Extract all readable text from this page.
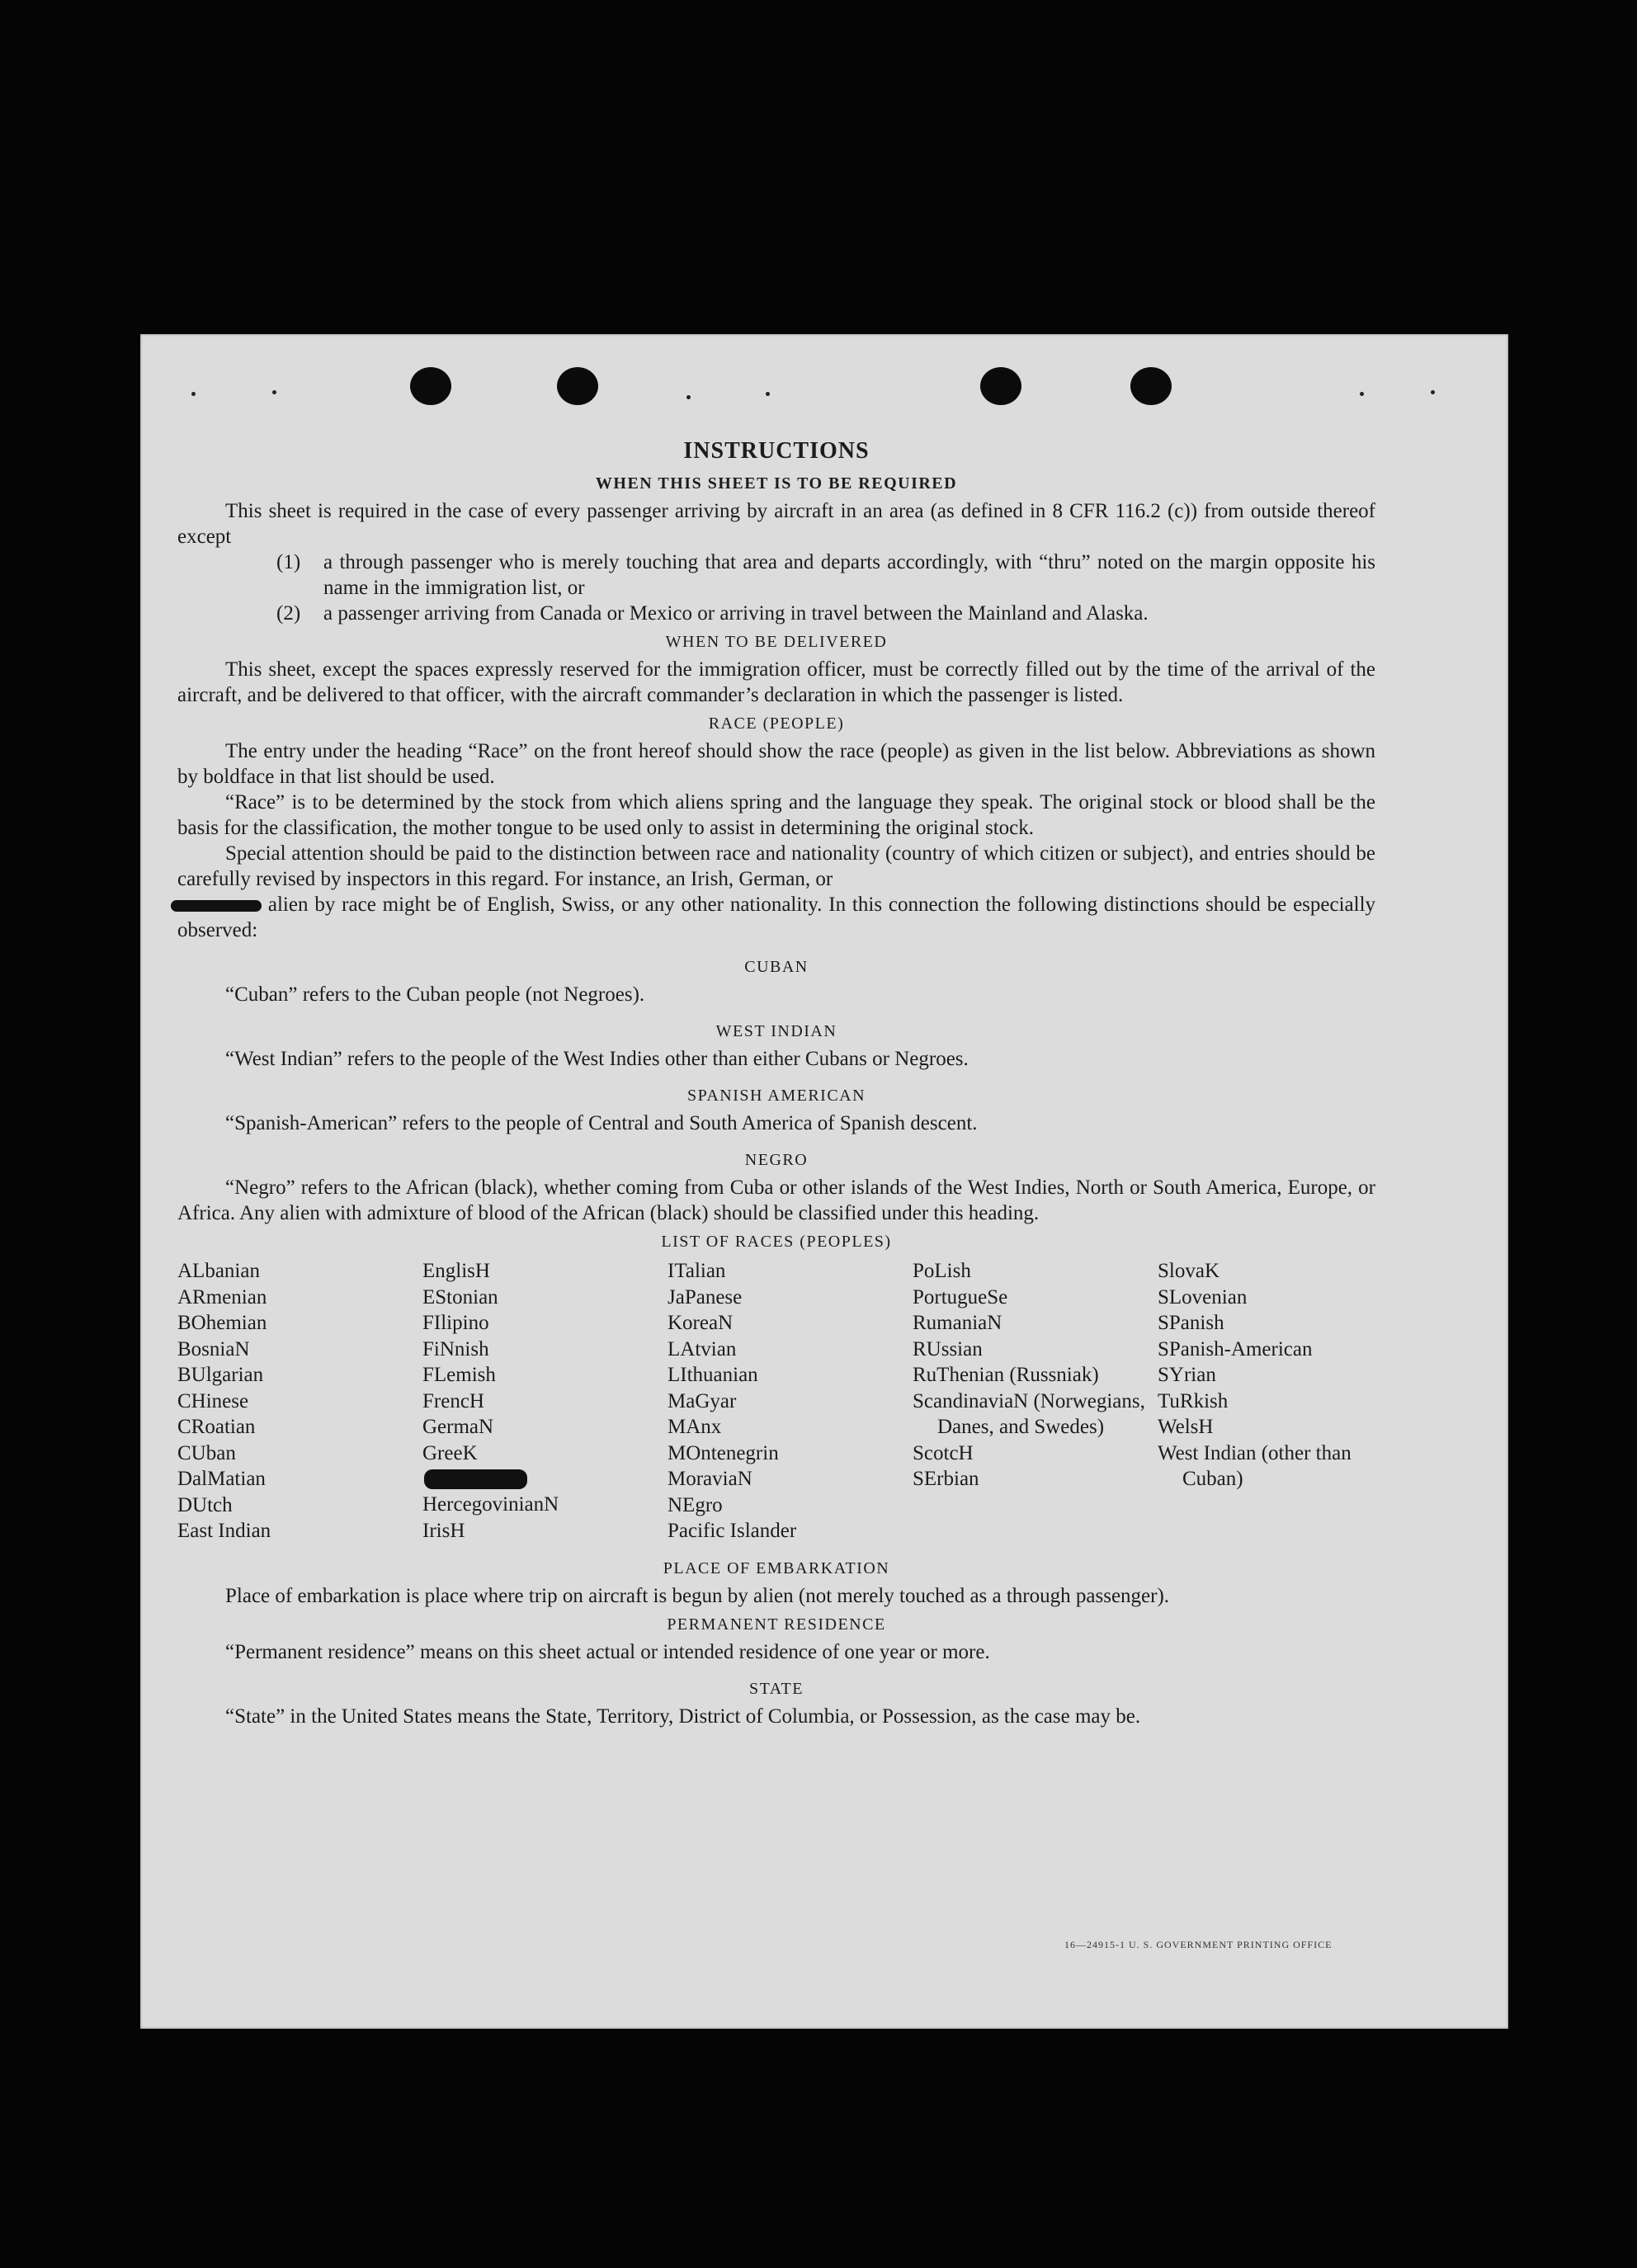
INSTRUCTIONS
WHEN THIS SHEET IS TO BE REQUIRED

This sheet is required in the case of every passenger arriving by aircraft in an area (as defined in 8 CFR 116.2 (c)) from outside thereof except

(1)	a through passenger who is merely touching that area and departs accordingly, with “thru” noted on the margin opposite his name in the immigration list, or
(2)	a passenger arriving from Canada or Mexico or arriving in travel between the Mainland and Alaska.
WHEN TO BE DELIVERED

This sheet, except the spaces expressly reserved for the immigration officer, must be correctly filled out by the time of the arrival of the aircraft, and be delivered to that officer, with the aircraft commander’s declaration in which the passenger is listed.

RACE (PEOPLE)

The entry under the heading “Race” on the front hereof should show the race (people) as given in the list below. Abbreviations as shown by boldface in that list should be used.

“Race” is to be determined by the stock from which aliens spring and the language they speak. The original stock or blood shall be the basis for the classification, the mother tongue to be used only to assist in determining the original stock.

Special attention should be paid to the distinction between race and nationality (country of which citizen or subject), and entries should be carefully revised by inspectors in this regard. For instance, an Irish, German, or

alien by race might be of English, Swiss, or any other nationality. In this connection the following distinctions should be especially observed:

CUBAN

“Cuban” refers to the Cuban people (not Negroes).

WEST INDIAN

“West Indian” refers to the people of the West Indies other than either Cubans or Negroes.

SPANISH AMERICAN

“Spanish-American” refers to the people of Central and South America of Spanish descent.

NEGRO

“Negro” refers to the African (black), whether coming from Cuba or other islands of the West Indies, North or South America, Europe, or Africa. Any alien with admixture of blood of the African (black) should be classified under this heading.

LIST OF RACES (PEOPLES)
ALbanian
ARmenian
BOhemian
BosniaN
BUlgarian
CHinese
CRoatian
CUban
DalMatian
DUtch
East Indian
EnglisH
EStonian
FIlipino
FiNnish
FLemish
FrencH
GermaN
GreeK
HercegovinianN
IrisH
ITalian
JaPanese
KoreaN
LAtvian
LIthuanian
MaGyar
MAnx
MOntenegrin
MoraviaN
NEgro
Pacific Islander
PoLish
PortugueSe
RumaniaN
RUssian
RuThenian (Russniak)
ScandinaviaN (Norwegians, Danes, and Swedes)
ScotcH
SErbian
SlovaK
SLovenian
SPanish
SPanish-American
SYrian
TuRkish
WelsH
West Indian (other than Cuban)
PLACE OF EMBARKATION

Place of embarkation is place where trip on aircraft is begun by alien (not merely touched as a through passenger).

PERMANENT RESIDENCE

“Permanent residence” means on this sheet actual or intended residence of one year or more.

STATE

“State” in the United States means the State, Territory, District of Columbia, or Possession, as the case may be.

16—24915-1 U. S. GOVERNMENT PRINTING OFFICE
